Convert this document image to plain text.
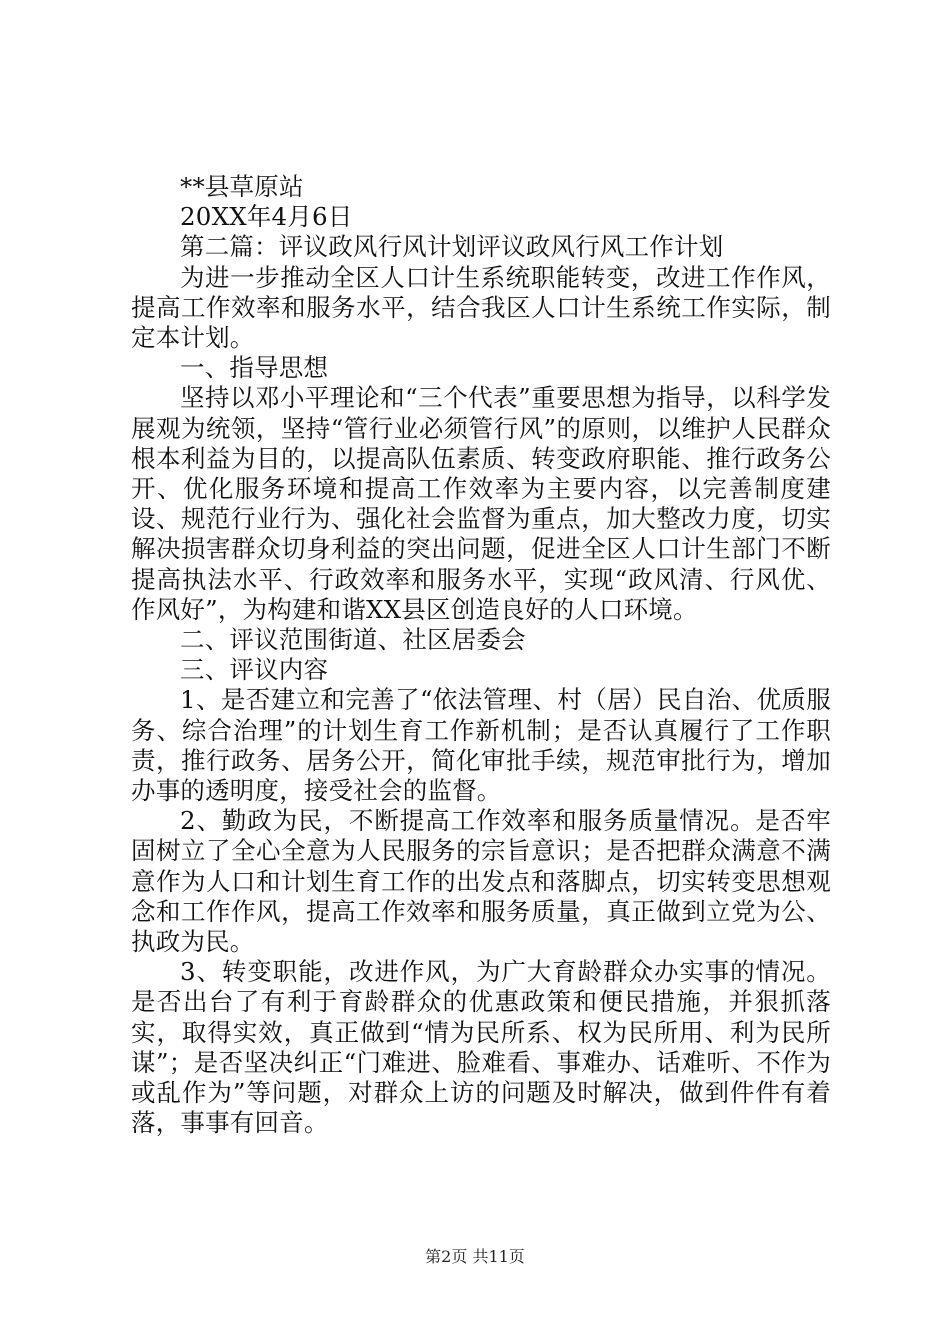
**县草原站

20XX年4月6日

第二篇：评议政风行风计划评议政风行风工作计划

为进一步推动全区人口计生系统职能转变，改进工作作风，提高工作效率和服务水平，结合我区人口计生系统工作实际，制定本计划。

一、指导思想

坚持以邓小平理论和“三个代表”重要思想为指导，以科学发展观为统领，坚持“管行业必须管行风”的原则，以维护人民群众根本利益为目的，以提高队伍素质、转变政府职能、推行政务公开、优化服务环境和提高工作效率为主要内容，以完善制度建设、规范行业行为、强化社会监督为重点，加大整改力度，切实解决损害群众切身利益的突出问题，促进全区人口计生部门不断提高执法水平、行政效率和服务水平，实现“政风清、行风优、作风好”，为构建和谐XX县区创造良好的人口环境。

二、评议范围街道、社区居委会

三、评议内容

1、是否建立和完善了“依法管理、村（居）民自治、优质服务、综合治理”的计划生育工作新机制；是否认真履行了工作职责，推行政务、居务公开，简化审批手续，规范审批行为，增加办事的透明度，接受社会的监督。

2、勤政为民，不断提高工作效率和服务质量情况。是否牢固树立了全心全意为人民服务的宗旨意识；是否把群众满意不满意作为人口和计划生育工作的出发点和落脚点，切实转变思想观念和工作作风，提高工作效率和服务质量，真正做到立党为公、执政为民。

3、转变职能，改进作风，为广大育龄群众办实事的情况。是否出台了有利于育龄群众的优惠政策和便民措施，并狠抓落实，取得实效，真正做到“情为民所系、权为民所用、利为民所谋”；是否坚决纠正“门难进、脸难看、事难办、话难听、不作为或乱作为”等问题，对群众上访的问题及时解决，做到件件有着落，事事有回音。

第2页 共11页
